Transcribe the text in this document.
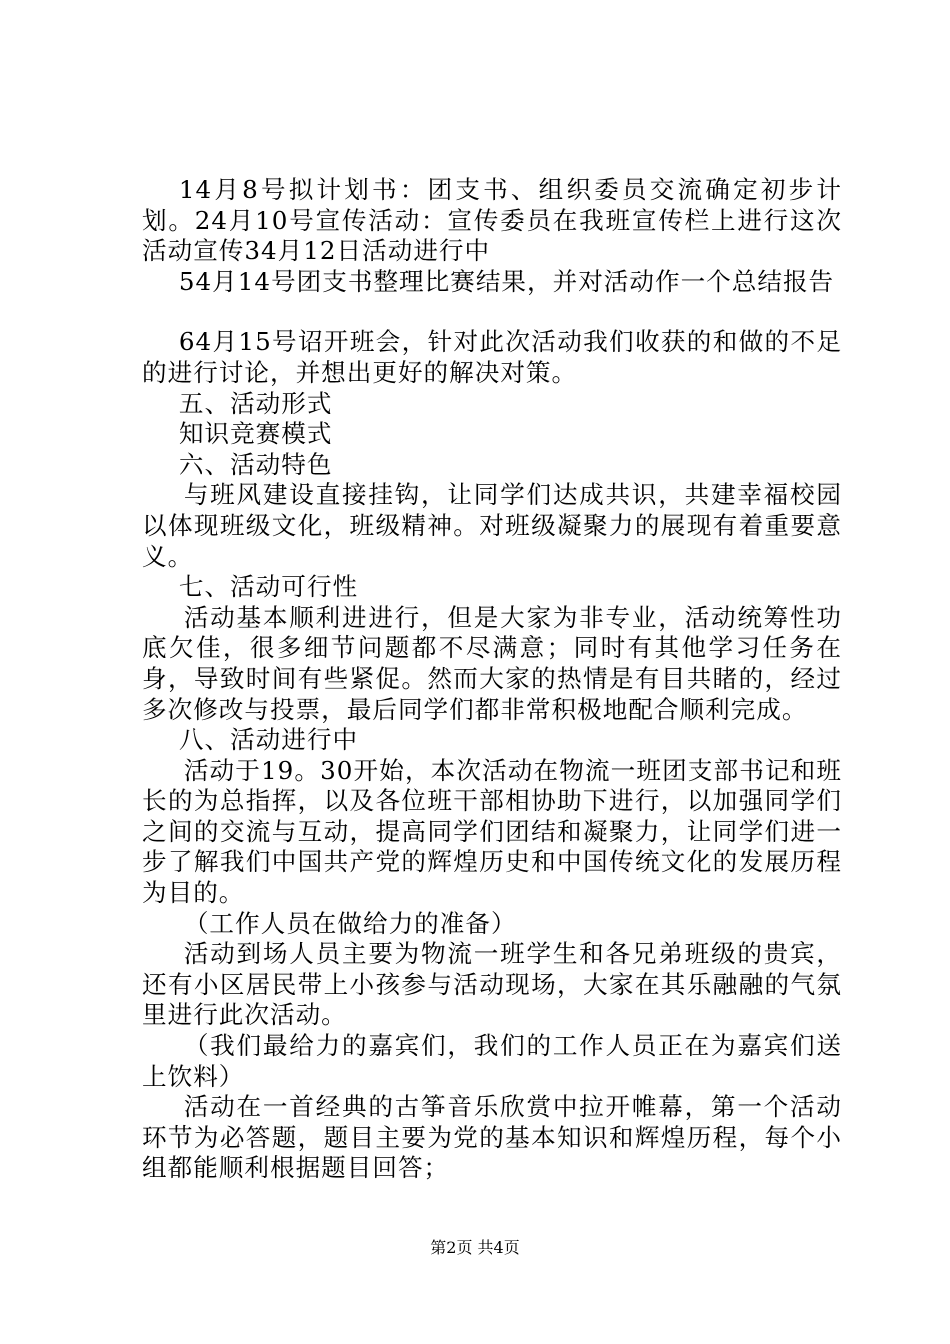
14月8号拟计划书：团支书、组织委员交流确定初步计划。24月10号宣传活动：宣传委员在我班宣传栏上进行这次活动宣传34月12日活动进行中

54月14号团支书整理比赛结果，并对活动作一个总结报告

64月15号诏开班会，针对此次活动我们收获的和做的不足的进行讨论，并想出更好的解决对策。

五、活动形式

知识竞赛模式

六、活动特色

与班风建设直接挂钩，让同学们达成共识，共建幸福校园以体现班级文化，班级精神。对班级凝聚力的展现有着重要意义。

七、活动可行性

活动基本顺利进进行，但是大家为非专业，活动统筹性功底欠佳，很多细节问题都不尽满意；同时有其他学习任务在身，导致时间有些紧促。然而大家的热情是有目共睹的，经过多次修改与投票，最后同学们都非常积极地配合顺利完成。

八、活动进行中

活动于19。30开始，本次活动在物流一班团支部书记和班长的为总指挥，以及各位班干部相协助下进行，以加强同学们之间的交流与互动，提高同学们团结和凝聚力，让同学们进一步了解我们中国共产党的辉煌历史和中国传统文化的发展历程为目的。

（工作人员在做给力的准备）

活动到场人员主要为物流一班学生和各兄弟班级的贵宾，还有小区居民带上小孩参与活动现场，大家在其乐融融的气氛里进行此次活动。

（我们最给力的嘉宾们，我们的工作人员正在为嘉宾们送上饮料）

活动在一首经典的古筝音乐欣赏中拉开帷幕，第一个活动环节为必答题，题目主要为党的基本知识和辉煌历程，每个小组都能顺利根据题目回答；

第2页 共4页
